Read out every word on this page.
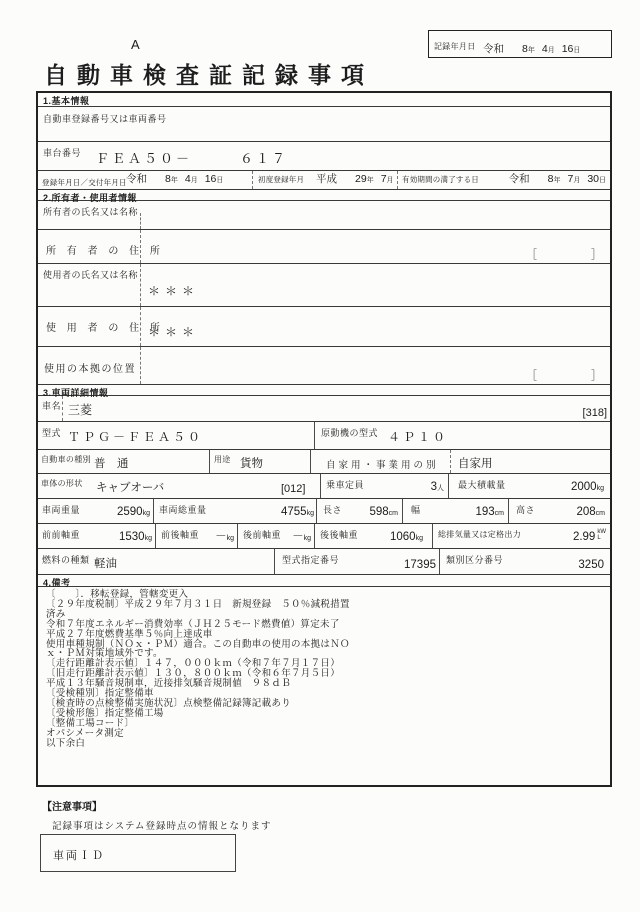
A	記録年月日 令和 8年 4月 16日
自動車検査証記録事項
1.基本情報
自動車登録番号又は車両番号
車台番号 ＦＥＡ５０－　　　６１７
登録年月日／交付年月日 令和 8年 4月 16日	初度登録年月 平成 29年 7月 有効期間の満了する日	令和 8年 7月 30日
2.所有者・使用者情報
所有者の氏名又は名称
所 有 者 の 住 所	［　　　　］
使用者の氏名又は名称
＊＊＊
使 用 者 の 住 所
＊＊＊
使用の本拠の位置
［　　　　］
3.車両詳細情報
車名 三菱	[318]
型式 ＴＰＧ－ＦＥＡ５０	原動機の型式 ４Ｐ１０
自動車の種別 普　通	用途 貨物	自家用・事業用の別 自家用
車体の形状 キャブオーバ	[012] 乗車定員	3人 最大積載量	2000kg
車両重量	2590kg 車両総重量	4755kg 長さ 598cm 幅	193cm 高さ	208cm
前前軸重	1530kg 前後軸重 －kg 後前軸重 －kg 後後軸重	1060kg 総排気量又は定格出力	2.99 kW
L
燃料の種類 軽油	型式指定番号	17395 類別区分番号	3250
4.備考
〔　　〕．移転登録，管轄変更入
〔２９年度税制〕平成２９年７月３１日　新規登録　５０％減税措置
済み
令和７年度エネルギー消費効率（ＪＨ２５モード燃費値）算定未了
平成２７年度燃費基準５％向上達成車
使用車種規制（ＮＯｘ・ＰＭ）適合。この自動車の使用の本拠はＮＯ
ｘ・ＰＭ対策地域外です。
〔走行距離計表示値〕１４７，０００ｋｍ（令和７年７月１７日）
〔旧走行距離計表示値〕１３０，８００ｋｍ（令和６年７月５日）
平成１３年騒音規制車，近接排気騒音規制値　９８ｄＢ
〔受検種別〕指定整備車
〔検査時の点検整備実施状況〕点検整備記録簿記載あり
〔受検形態〕指定整備工場
〔整備工場コード〕
オパシメータ測定
以下余白
【注意事項】
記録事項はシステム登録時点の情報となります
車両ＩＤ
